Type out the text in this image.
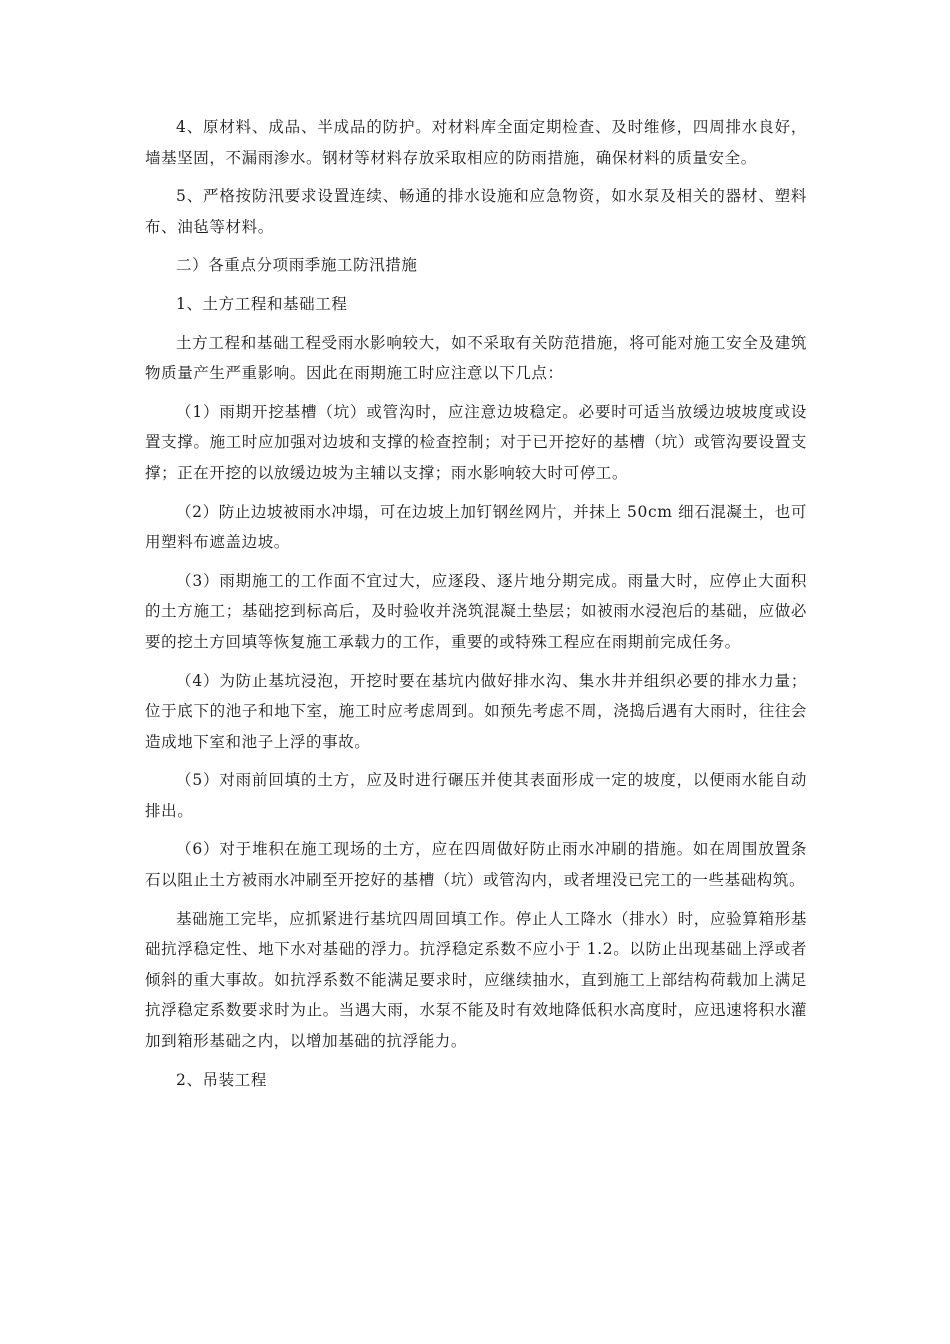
4、原材料、成品、半成品的防护。对材料库全面定期检查、及时维修，四周排水良好，墙基坚固，不漏雨渗水。钢材等材料存放采取相应的防雨措施，确保材料的质量安全。

5、严格按防汛要求设置连续、畅通的排水设施和应急物资，如水泵及相关的器材、塑料布、油毡等材料。

二）各重点分项雨季施工防汛措施

1、土方工程和基础工程

土方工程和基础工程受雨水影响较大，如不采取有关防范措施，将可能对施工安全及建筑物质量产生严重影响。因此在雨期施工时应注意以下几点：

（1）雨期开挖基槽（坑）或管沟时，应注意边坡稳定。必要时可适当放缓边坡坡度或设置支撑。施工时应加强对边坡和支撑的检查控制；对于已开挖好的基槽（坑）或管沟要设置支撑；正在开挖的以放缓边坡为主辅以支撑；雨水影响较大时可停工。

（2）防止边坡被雨水冲塌，可在边坡上加钉钢丝网片，并抹上 50cm 细石混凝土，也可用塑料布遮盖边坡。

（3）雨期施工的工作面不宜过大，应逐段、逐片地分期完成。雨量大时，应停止大面积的土方施工；基础挖到标高后，及时验收并浇筑混凝土垫层；如被雨水浸泡后的基础，应做必要的挖土方回填等恢复施工承载力的工作，重要的或特殊工程应在雨期前完成任务。

（4）为防止基坑浸泡，开挖时要在基坑内做好排水沟、集水井并组织必要的排水力量；位于底下的池子和地下室，施工时应考虑周到。如预先考虑不周，浇捣后遇有大雨时，往往会造成地下室和池子上浮的事故。

（5）对雨前回填的土方，应及时进行碾压并使其表面形成一定的坡度，以便雨水能自动排出。

（6）对于堆积在施工现场的土方，应在四周做好防止雨水冲刷的措施。如在周围放置条石以阻止土方被雨水冲刷至开挖好的基槽（坑）或管沟内，或者埋没已完工的一些基础构筑。

基础施工完毕，应抓紧进行基坑四周回填工作。停止人工降水（排水）时，应验算箱形基础抗浮稳定性、地下水对基础的浮力。抗浮稳定系数不应小于 1.2。以防止出现基础上浮或者倾斜的重大事故。如抗浮系数不能满足要求时，应继续抽水，直到施工上部结构荷载加上满足抗浮稳定系数要求时为止。当遇大雨，水泵不能及时有效地降低积水高度时，应迅速将积水灌加到箱形基础之内，以增加基础的抗浮能力。

2、吊装工程
